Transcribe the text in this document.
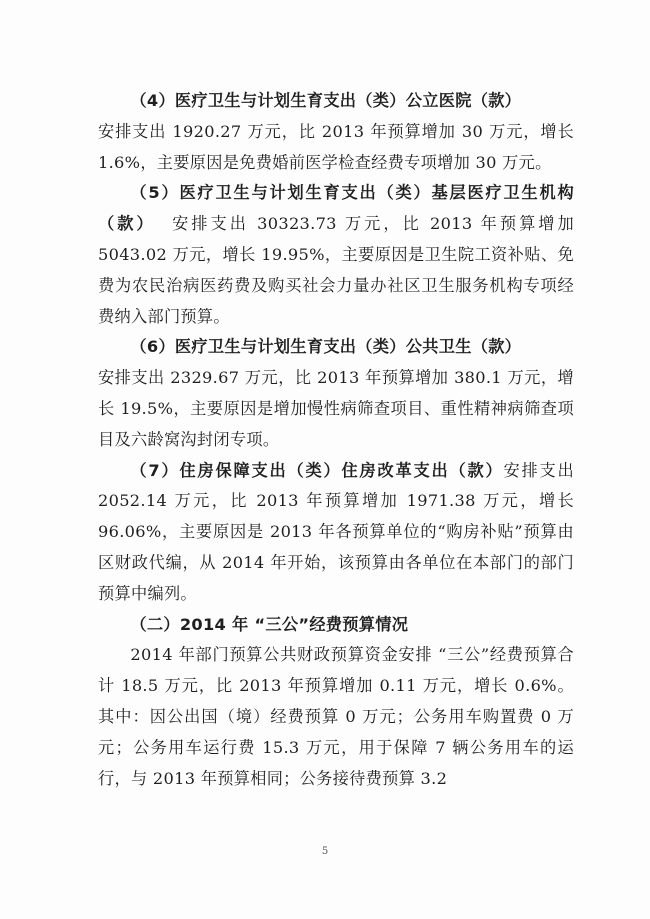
（4）医疗卫生与计划生育支出（类）公立医院（款）
安排支出 1920.27 万元，比 2013 年预算增加 30 万元，增长 1.6%，主要原因是免费婚前医学检查经费专项增加 30 万元。

（5）医疗卫生与计划生育支出（类）基层医疗卫生机构（款） 安排支出 30323.73 万元，比 2013 年预算增加 5043.02 万元，增长 19.95%，主要原因是卫生院工资补贴、免费为农民治病医药费及购买社会力量办社区卫生服务机构专项经费纳入部门预算。

（6）医疗卫生与计划生育支出（类）公共卫生（款）
安排支出 2329.67 万元，比 2013 年预算增加 380.1 万元，增长 19.5%，主要原因是增加慢性病筛查项目、重性精神病筛查项目及六龄窝沟封闭专项。

（7）住房保障支出（类）住房改革支出（款）安排支出 2052.14 万元，比 2013 年预算增加 1971.38 万元，增长 96.06%，主要原因是 2013 年各预算单位的“购房补贴”预算由区财政代编，从 2014 年开始，该预算由各单位在本部门的部门预算中编列。

（二）2014 年 “三公”经费预算情况

2014 年部门预算公共财政预算资金安排 “三公”经费预算合计 18.5 万元，比 2013 年预算增加 0.11 万元，增长 0.6%。其中：因公出国（境）经费预算 0 万元；公务用车购置费 0 万元；公务用车运行费 15.3 万元，用于保障 7 辆公务用车的运行，与 2013 年预算相同；公务接待费预算 3.2

5
